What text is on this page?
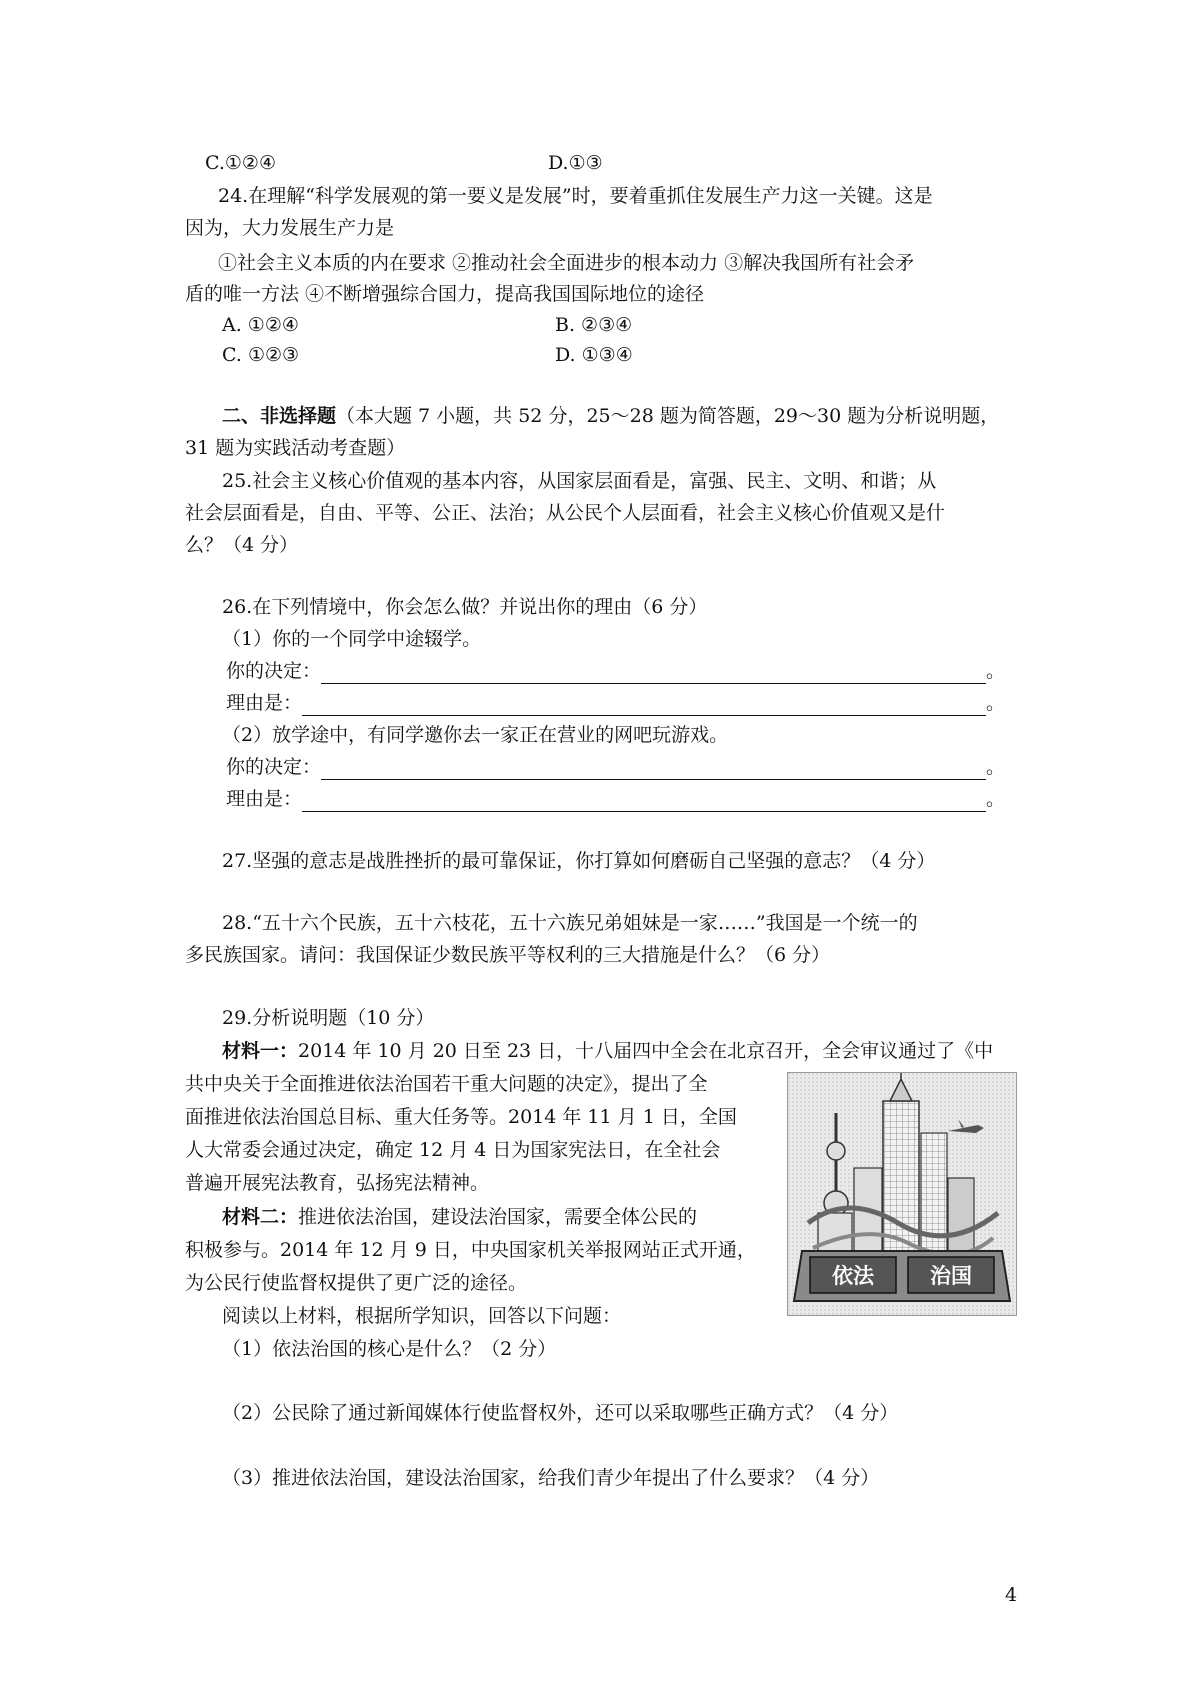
C.①②④	D.①③
24.在理解“科学发展观的第一要义是发展”时，要着重抓住发展生产力这一关键。这是
因为，大力发展生产力是
①社会主义本质的内在要求 ②推动社会全面进步的根本动力 ③解决我国所有社会矛
盾的唯一方法 ④不断增强综合国力，提高我国国际地位的途径
A. ①②④	B. ②③④
C. ①②③	D. ①③④
二、非选择题（本大题 7 小题，共 52 分，25～28 题为简答题，29～30 题为分析说明题，
31 题为实践活动考查题）
25.社会主义核心价值观的基本内容，从国家层面看是，富强、民主、文明、和谐；从
社会层面看是，自由、平等、公正、法治；从公民个人层面看，社会主义核心价值观又是什
么？（4 分）
26.在下列情境中，你会怎么做？并说出你的理由（6 分）
（1）你的一个同学中途辍学。
你的决定：	。
理由是：	。
（2）放学途中，有同学邀你去一家正在营业的网吧玩游戏。
你的决定：	。
理由是：	。
27.坚强的意志是战胜挫折的最可靠保证，你打算如何磨砺自己坚强的意志？（4 分）
28.“五十六个民族，五十六枝花，五十六族兄弟姐妹是一家……”我国是一个统一的
多民族国家。请问：我国保证少数民族平等权利的三大措施是什么？（6 分）
29.分析说明题（10 分）
材料一：2014 年 10 月 20 日至 23 日，十八届四中全会在北京召开，全会审议通过了《中
共中央关于全面推进依法治国若干重大问题的决定》，提出了全
面推进依法治国总目标、重大任务等。2014 年 11 月 1 日，全国
人大常委会通过决定，确定 12 月 4 日为国家宪法日，在全社会
普遍开展宪法教育，弘扬宪法精神。
材料二：推进依法治国，建设法治国家，需要全体公民的
积极参与。2014 年 12 月 9 日，中央国家机关举报网站正式开通，
为公民行使监督权提供了更广泛的途径。
阅读以上材料，根据所学知识，回答以下问题：
（1）依法治国的核心是什么？（2 分）
（2）公民除了通过新闻媒体行使监督权外，还可以采取哪些正确方式？（4 分）
（3）推进依法治国，建设法治国家，给我们青少年提出了什么要求？（4 分）
依法	治国
4
